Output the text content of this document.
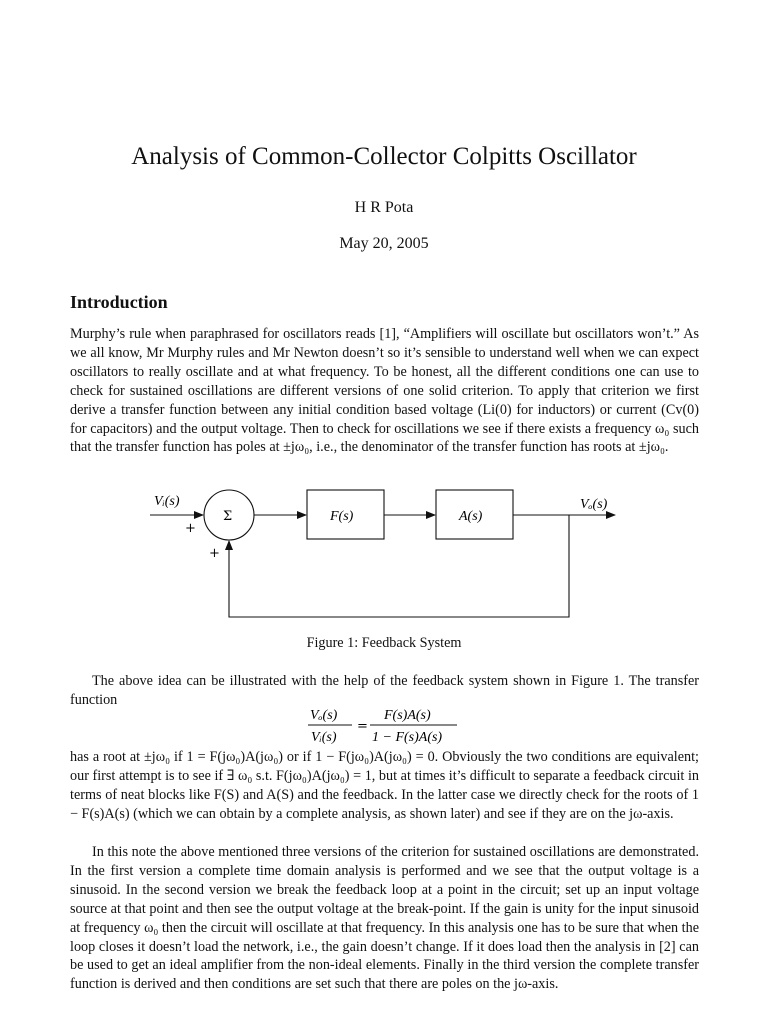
Analysis of Common-Collector Colpitts Oscillator
H R Pota
May 20, 2005
Introduction

Murphy’s rule when paraphrased for oscillators reads [1], “Amplifiers will oscillate but oscillators won’t.” As we all know, Mr Murphy rules and Mr Newton doesn’t so it’s sensible to understand well when we can expect oscillators to really oscillate and at what frequency. To be honest, all the different conditions one can use to check for sustained oscillations are different versions of one solid criterion. To apply that criterion we first derive a transfer function between any initial condition based voltage (Li(0) for inductors) or current (Cv(0) for capacitors) and the output voltage. Then to check for oscillations we see if there exists a frequency ω₀ such that the transfer function has poles at ±jω₀, i.e., the denominator of the transfer function has roots at ±jω₀.

Vᵢ(s)	Vₒ(s)
Σ
+
+
F(s)	A(s)
Figure 1: Feedback System

The above idea can be illustrated with the help of the feedback system shown in Figure 1. The transfer function

Vₒ(s)
Vᵢ(s)
=
F(s)A(s)
1 − F(s)A(s)

has a root at ±jω₀ if 1 = F(jω₀)A(jω₀) or if 1 − F(jω₀)A(jω₀) = 0. Obviously the two conditions are equivalent; our first attempt is to see if ∃ ω₀ s.t. F(jω₀)A(jω₀) = 1, but at times it’s difficult to separate a feedback circuit in terms of neat blocks like F(S) and A(S) and the feedback. In the latter case we directly check for the roots of 1 − F(s)A(s) (which we can obtain by a complete analysis, as shown later) and see if they are on the jω-axis.

In this note the above mentioned three versions of the criterion for sustained oscillations are demonstrated. In the first version a complete time domain analysis is performed and we see that the output voltage is a sinusoid. In the second version we break the feedback loop at a point in the circuit; set up an input voltage source at that point and then see the output voltage at the break-point. If the gain is unity for the input sinusoid at frequency ω₀ then the circuit will oscillate at that frequency. In this analysis one has to be sure that when the loop closes it doesn’t load the network, i.e., the gain doesn’t change. If it does load then the analysis in [2] can be used to get an ideal amplifier from the non-ideal elements. Finally in the third version the complete transfer function is derived and then conditions are set such that there are poles on the jω-axis.
